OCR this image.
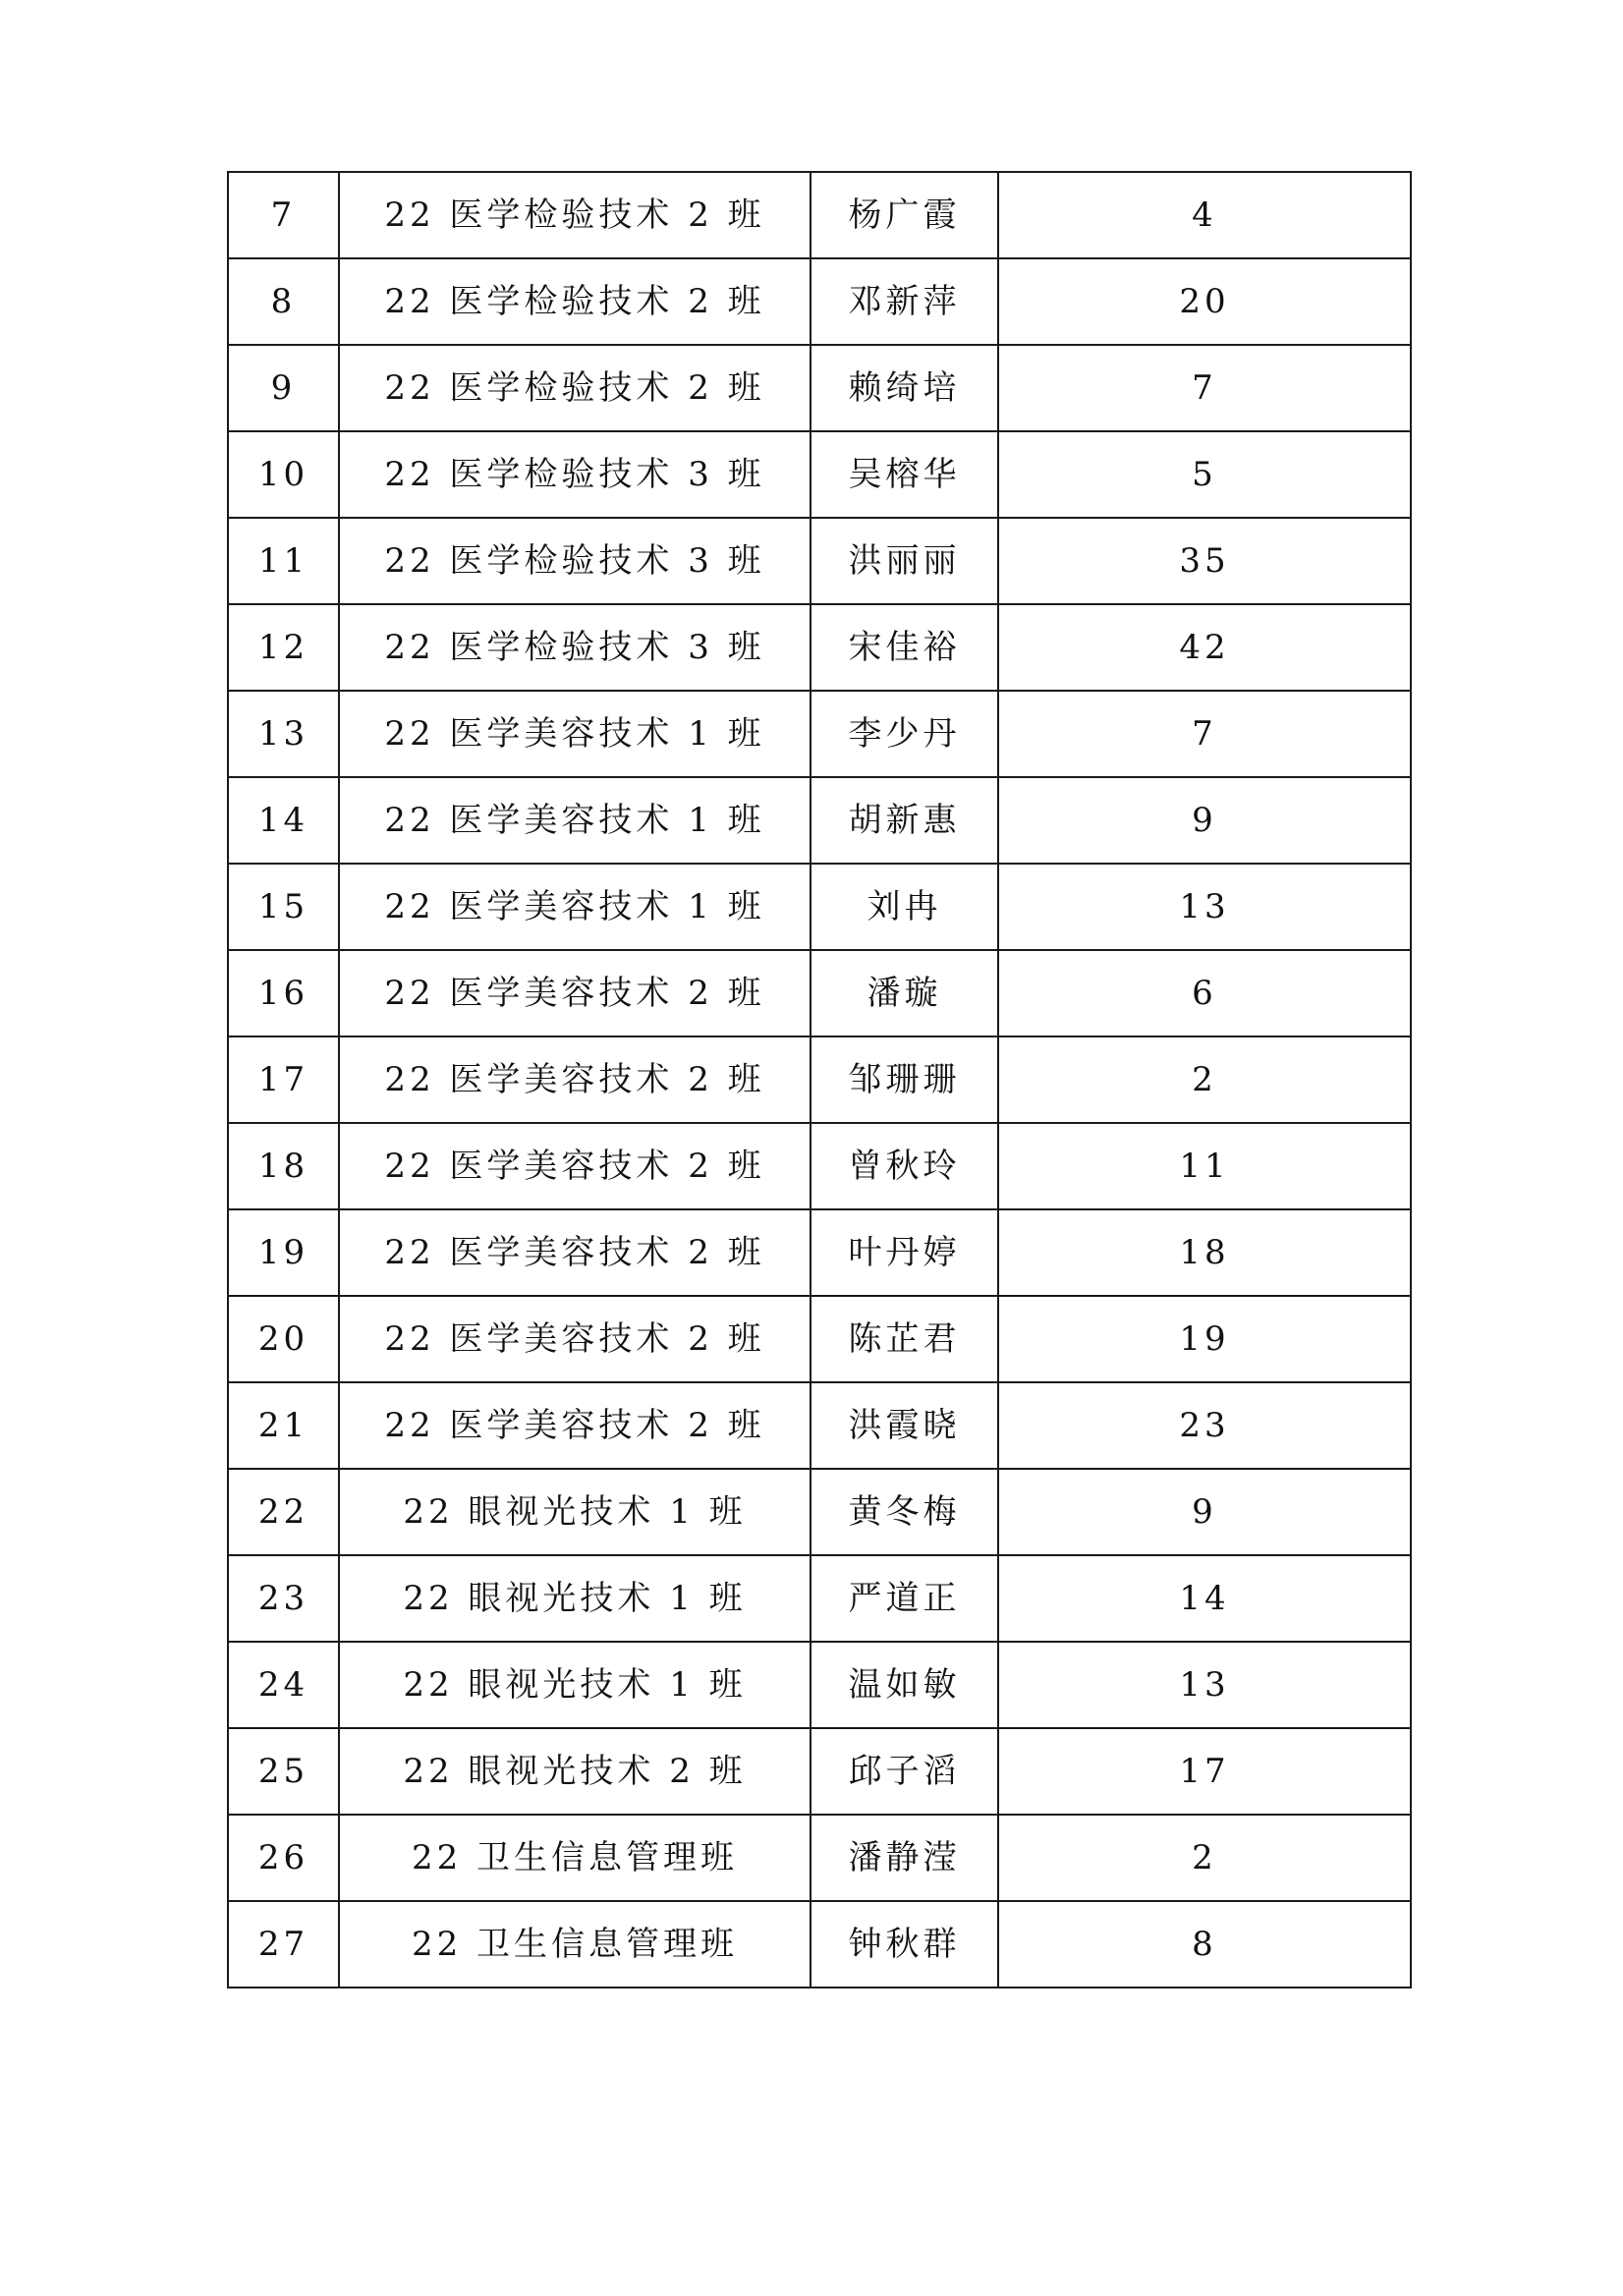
7	22 医学检验技术 2 班	杨广霞	4
8	22 医学检验技术 2 班	邓新萍	20
9	22 医学检验技术 2 班	赖绮培	7
10	22 医学检验技术 3 班	吴榕华	5
11	22 医学检验技术 3 班	洪丽丽	35
12	22 医学检验技术 3 班	宋佳裕	42
13	22 医学美容技术 1 班	李少丹	7
14	22 医学美容技术 1 班	胡新惠	9
15	22 医学美容技术 1 班	刘冉	13
16	22 医学美容技术 2 班	潘璇	6
17	22 医学美容技术 2 班	邹珊珊	2
18	22 医学美容技术 2 班	曾秋玲	11
19	22 医学美容技术 2 班	叶丹婷	18
20	22 医学美容技术 2 班	陈芷君	19
21	22 医学美容技术 2 班	洪霞晓	23
22	22 眼视光技术 1 班	黄冬梅	9
23	22 眼视光技术 1 班	严道正	14
24	22 眼视光技术 1 班	温如敏	13
25	22 眼视光技术 2 班	邱子滔	17
26	22 卫生信息管理班	潘静滢	2
27	22 卫生信息管理班	钟秋群	8
